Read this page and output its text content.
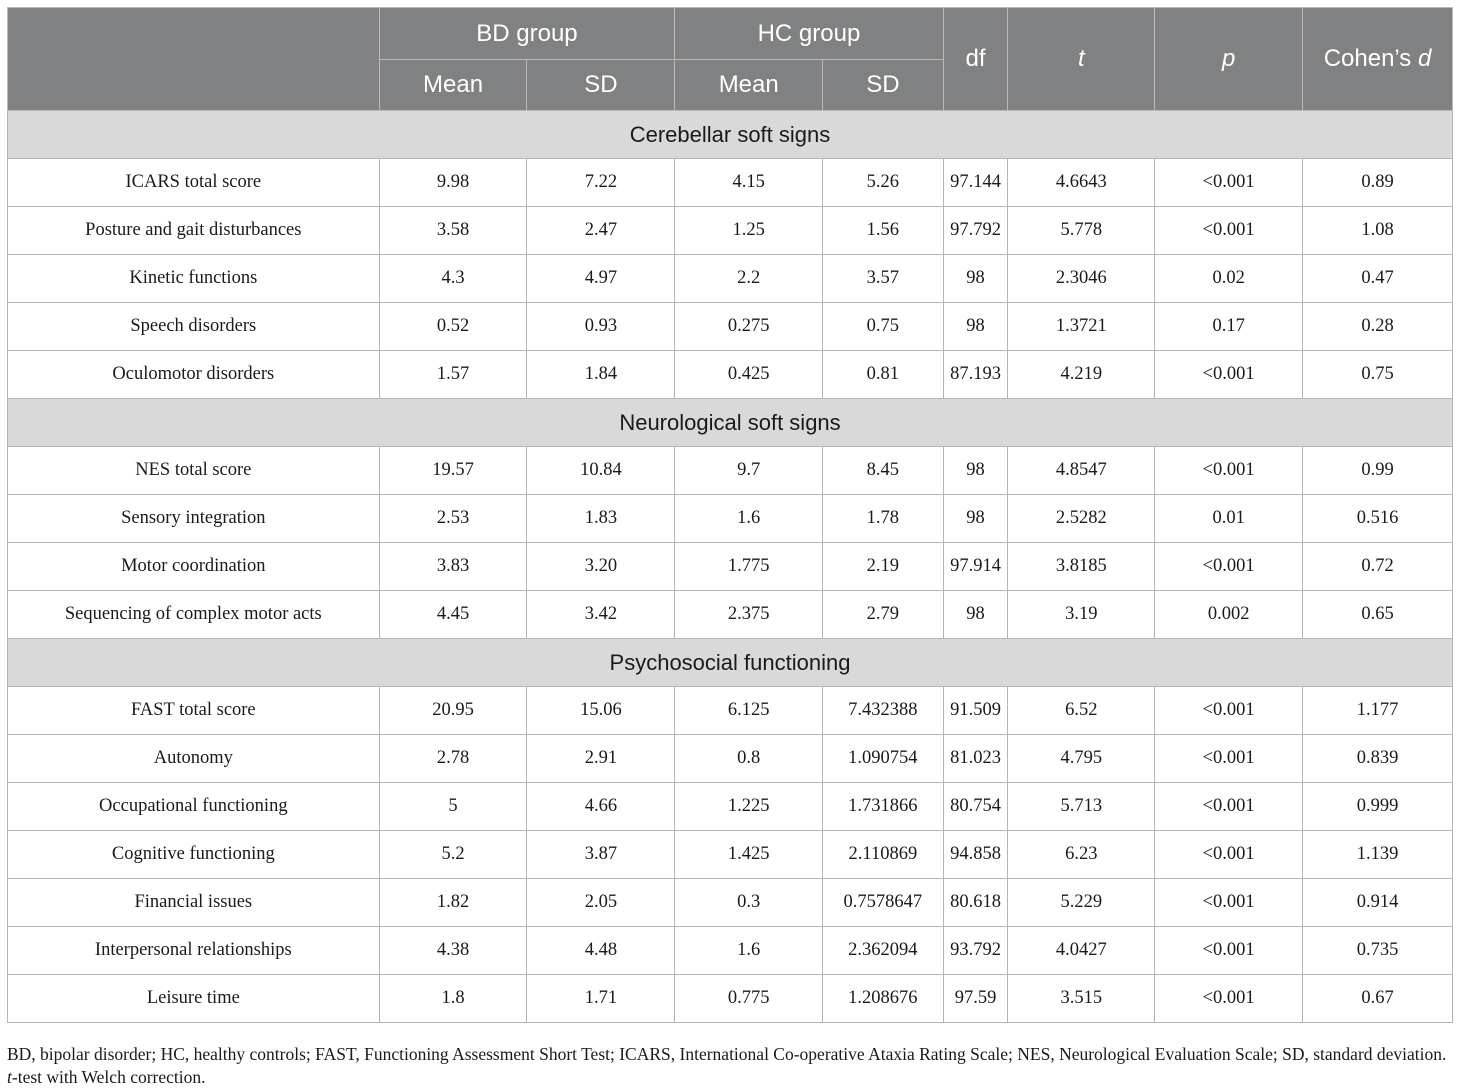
	BD group		HC group		df	t	p	Cohen’s d
	Mean	SD	Mean	SD				
Cerebellar soft signs								
ICARS total score	9.98	7.22	4.15	5.26	97.144	4.6643	<0.001	0.89
Posture and gait disturbances	3.58	2.47	1.25	1.56	97.792	5.778	<0.001	1.08
Kinetic functions	4.3	4.97	2.2	3.57	98	2.3046	0.02	0.47
Speech disorders	0.52	0.93	0.275	0.75	98	1.3721	0.17	0.28
Oculomotor disorders	1.57	1.84	0.425	0.81	87.193	4.219	<0.001	0.75
Neurological soft signs								
NES total score	19.57	10.84	9.7	8.45	98	4.8547	<0.001	0.99
Sensory integration	2.53	1.83	1.6	1.78	98	2.5282	0.01	0.516
Motor coordination	3.83	3.20	1.775	2.19	97.914	3.8185	<0.001	0.72
Sequencing of complex motor acts	4.45	3.42	2.375	2.79	98	3.19	0.002	0.65
Psychosocial functioning								
FAST total score	20.95	15.06	6.125	7.432388	91.509	6.52	<0.001	1.177
Autonomy	2.78	2.91	0.8	1.090754	81.023	4.795	<0.001	0.839
Occupational functioning	5	4.66	1.225	1.731866	80.754	5.713	<0.001	0.999
Cognitive functioning	5.2	3.87	1.425	2.110869	94.858	6.23	<0.001	1.139
Financial issues	1.82	2.05	0.3	0.7578647	80.618	5.229	<0.001	0.914
Interpersonal relationships	4.38	4.48	1.6	2.362094	93.792	4.0427	<0.001	0.735
Leisure time	1.8	1.71	0.775	1.208676	97.59	3.515	<0.001	0.67
BD, bipolar disorder; HC, healthy controls; FAST, Functioning Assessment Short Test; ICARS, International Co-operative Ataxia Rating Scale; NES, Neurological Evaluation Scale; SD, standard deviation. t-test with Welch correction.
